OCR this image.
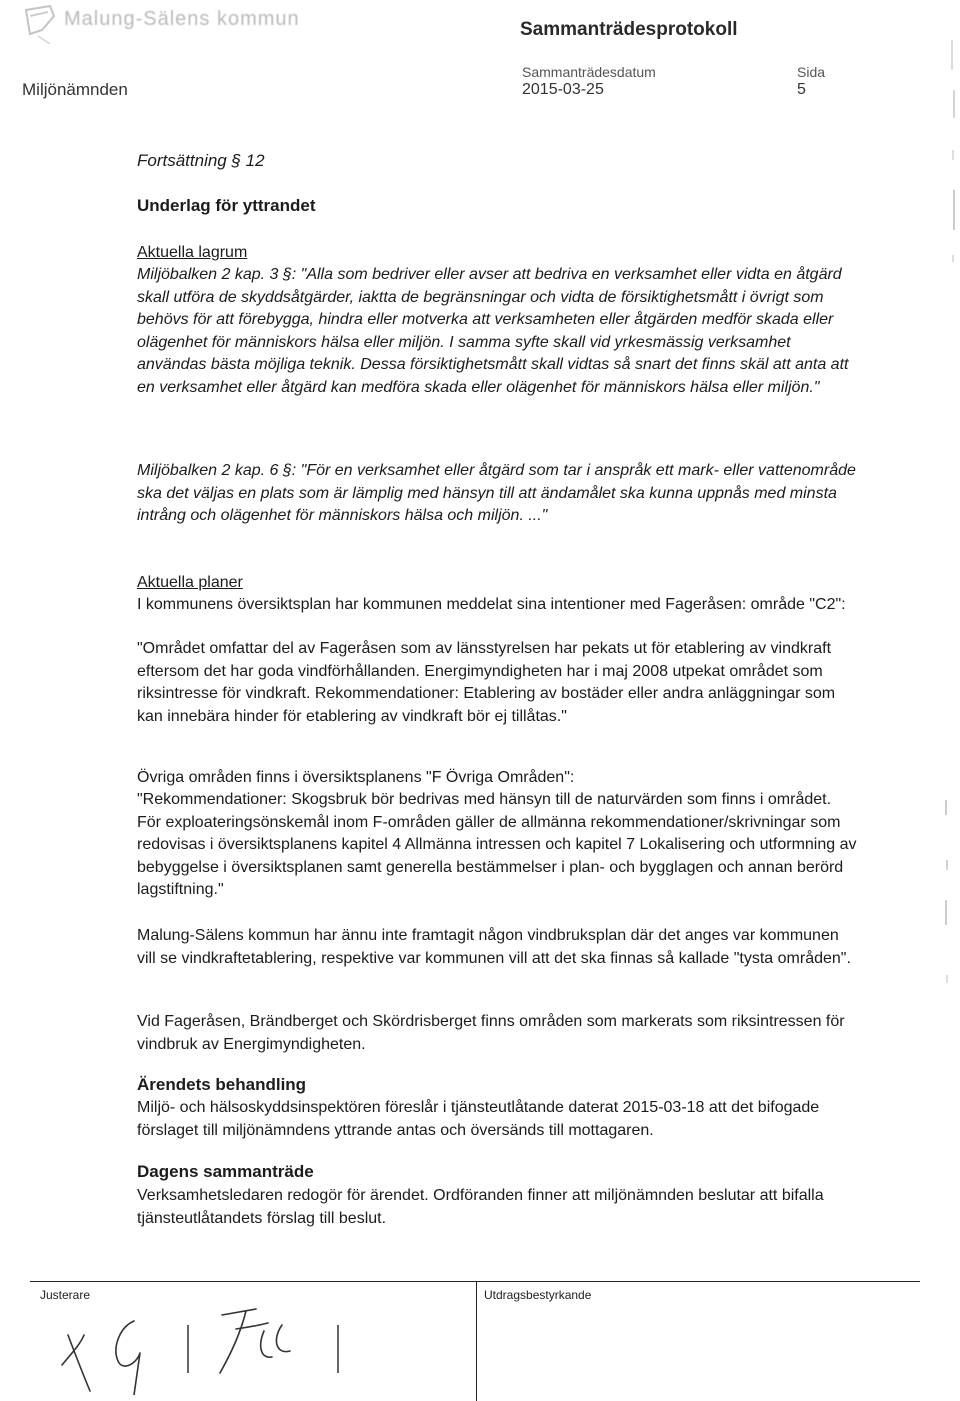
Malung-Sälens kommun	Sammanträdesprotokoll
Miljönämnden
Sammanträdesdatum
2015-03-25
Sida
5

Fortsättning § 12

Underlag för yttrandet

Aktuella lagrum

Miljöbalken 2 kap. 3 §: "Alla som bedriver eller avser att bedriva en verksamhet eller vidta en åtgärd skall utföra de skyddsåtgärder, iaktta de begränsningar och vidta de försiktighetsmått i övrigt som behövs för att förebygga, hindra eller motverka att verksamheten eller åtgärden medför skada eller olägenhet för människors hälsa eller miljön. I samma syfte skall vid yrkesmässig verksamhet användas bästa möjliga teknik. Dessa försiktighetsmått skall vidtas så snart det finns skäl att anta att en verksamhet eller åtgärd kan medföra skada eller olägenhet för människors hälsa eller miljön."

Miljöbalken 2 kap. 6 §: "För en verksamhet eller åtgärd som tar i anspråk ett mark- eller vattenområde ska det väljas en plats som är lämplig med hänsyn till att ändamålet ska kunna uppnås med minsta intrång och olägenhet för människors hälsa och miljön. ..."

Aktuella planer

I kommunens översiktsplan har kommunen meddelat sina intentioner med Fageråsen: område "C2":

"Området omfattar del av Fageråsen som av länsstyrelsen har pekats ut för etablering av vindkraft eftersom det har goda vindförhållanden. Energimyndigheten har i maj 2008 utpekat området som riksintresse för vindkraft. Rekommendationer: Etablering av bostäder eller andra anläggningar som kan innebära hinder för etablering av vindkraft bör ej tillåtas."

Övriga områden finns i översiktsplanens "F Övriga Områden":

"Rekommendationer: Skogsbruk bör bedrivas med hänsyn till de naturvärden som finns i området. För exploateringsönskemål inom F-områden gäller de allmänna rekommendationer/skrivningar som redovisas i översiktsplanens kapitel 4 Allmänna intressen och kapitel 7 Lokalisering och utformning av bebyggelse i översiktsplanen samt generella bestämmelser i plan- och bygglagen och annan berörd lagstiftning."

Malung-Sälens kommun har ännu inte framtagit någon vindbruksplan där det anges var kommunen vill se vindkraftetablering, respektive var kommunen vill att det ska finnas så kallade "tysta områden".

Vid Fageråsen, Brändberget och Skördrisberget finns områden som markerats som riksintressen för vindbruk av Energimyndigheten.

Ärendets behandling

Miljö- och hälsoskyddsinspektören föreslår i tjänsteutlåtande daterat 2015-03-18 att det bifogade förslaget till miljönämndens yttrande antas och översänds till mottagaren.

Dagens sammanträde

Verksamhetsledaren redogör för ärendet. Ordföranden finner att miljönämnden beslutar att bifalla tjänsteutlåtandets förslag till beslut.

Justerare	Utdragsbestyrkande
